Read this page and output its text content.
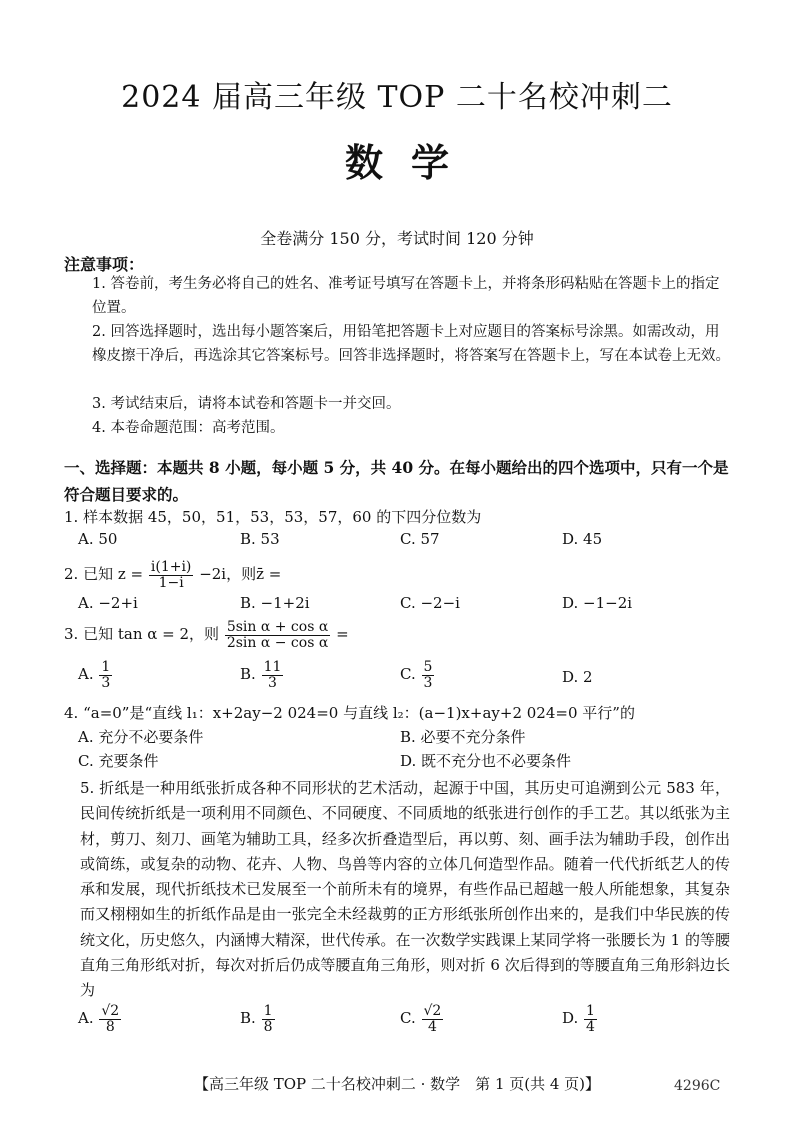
2024 届高三年级 TOP 二十名校冲刺二
数学
全卷满分 150 分，考试时间 120 分钟
注意事项：
1. 答卷前，考生务必将自己的姓名、准考证号填写在答题卡上，并将条形码粘贴在答题卡上的指定位置。
2. 回答选择题时，选出每小题答案后，用铅笔把答题卡上对应题目的答案标号涂黑。如需改动，用橡皮擦干净后，再选涂其它答案标号。回答非选择题时，将答案写在答题卡上，写在本试卷上无效。
3. 考试结束后，请将本试卷和答题卡一并交回。
4. 本卷命题范围：高考范围。
一、选择题：本题共 8 小题，每小题 5 分，共 40 分。在每小题给出的四个选项中，只有一个是符合题目要求的。
1. 样本数据 45，50，51，53，53，57，60 的下四分位数为
A. 50	B. 53	C. 57	D. 45
2. 已知 $z = \frac{i(1+i)}{1-i} -2i$，则z̄ =
A. −2+i	B. −1+2i	C. −2−i	D. −1−2i
3. 已知 tan α = 2，则 $\frac{\text{5sin α + cos α}}{\text{2sin α − cos α}}$ =
A. $\frac{1}{3}$	B. $\frac{11}{3}$	C. $\frac{5}{3}$	D. 2
4. “a=0”是“直线 l₁：x+2ay−2 024=0 与直线 l₂：(a−1)x+ay+2 024=0 平行”的
A. 充分不必要条件	B. 必要不充分条件
C. 充要条件	D. 既不充分也不必要条件
5. 折纸是一种用纸张折成各种不同形状的艺术活动，起源于中国，其历史可追溯到公元 583 年，民间传统折纸是一项利用不同颜色、不同硬度、不同质地的纸张进行创作的手工艺。其以纸张为主材，剪刀、刻刀、画笔为辅助工具，经多次折叠造型后，再以剪、刻、画手法为辅助手段，创作出或简练，或复杂的动物、花卉、人物、鸟兽等内容的立体几何造型作品。随着一代代折纸艺人的传承和发展，现代折纸技术已发展至一个前所未有的境界，有些作品已超越一般人所能想象，其复杂而又栩栩如生的折纸作品是由一张完全未经裁剪的正方形纸张所创作出来的，是我们中华民族的传统文化，历史悠久，内涵博大精深，世代传承。在一次数学实践课上某同学将一张腰长为 1 的等腰直角三角形纸对折，每次对折后仍成等腰直角三角形，则对折 6 次后得到的等腰直角三角形斜边长为
A. $\frac{√2}{8}$	B. $\frac{1}{8}$	C. $\frac{√2}{4}$	D. $\frac{1}{4}$
【高三年级 TOP 二十名校冲刺二 · 数学　第 1 页(共 4 页)】	4296C
